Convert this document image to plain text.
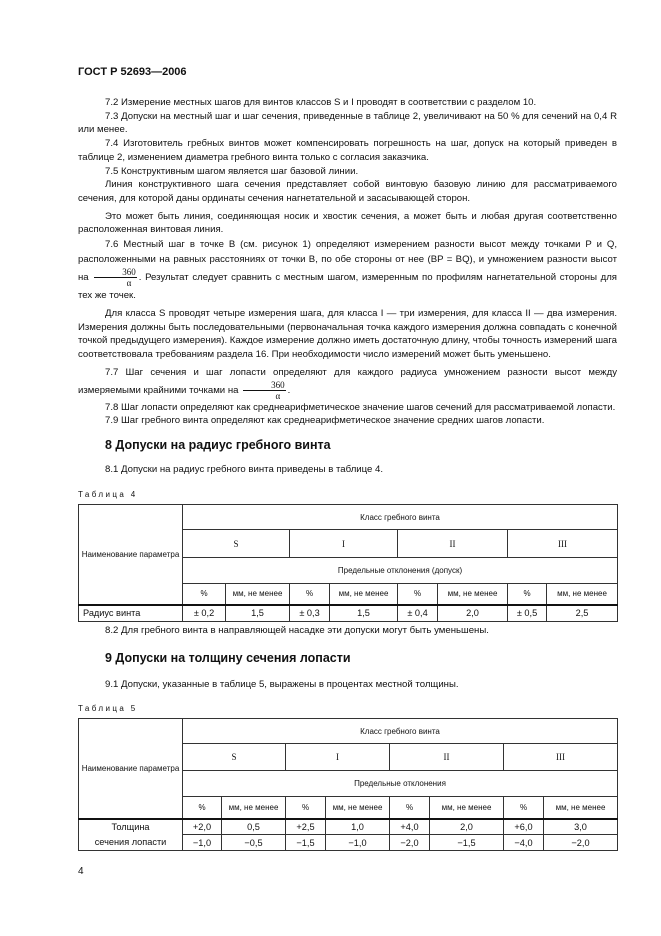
ГОСТ Р 52693—2006

7.2 Измерение местных шагов для винтов классов S и I проводят в соответствии с разделом 10.

7.3 Допуски на местный шаг и шаг сечения, приведенные в таблице 2, увеличивают на 50 % для сечений на 0,4 R или менее.

7.4 Изготовитель гребных винтов может компенсировать погрешность на шаг, допуск на который приведен в таблице 2, изменением диаметра гребного винта только с согласия заказчика.

7.5 Конструктивным шагом является шаг базовой линии.

Линия конструктивного шага сечения представляет собой винтовую базовую линию для рассматриваемого сечения, для которой даны ординаты сечения нагнетательной и засасывающей сторон.

Это может быть линия, соединяющая носик и хвостик сечения, а может быть и любая другая соответственно расположенная винтовая линия.

7.6 Местный шаг в точке B (см. рисунок 1) определяют измерением разности высот между точками P и Q, расположенными на равных расстояниях от точки B, по обе стороны от нее (BP = BQ), и умножением разности высот на $\frac{360}{\alpha}$ . Результат следует сравнить с местным шагом, измеренным по профилям нагнетательной стороны для тех же точек.

Для класса S проводят четыре измерения шага, для класса I — три измерения, для класса II — два измерения. Измерения должны быть последовательными (первоначальная точка каждого измерения должна совпадать с конечной точкой предыдущего измерения). Каждое измерение должно иметь достаточную длину, чтобы точность измерений шага соответствовала требованиям раздела 16. При необходимости число измерений может быть уменьшено.

7.7 Шаг сечения и шаг лопасти определяют для каждого радиуса умножением разности высот между измеряемыми крайними точками на $\frac{360}{\alpha}$ .

7.8 Шаг лопасти определяют как среднеарифметическое значение шагов сечений для рассматриваемой лопасти.

7.9 Шаг гребного винта определяют как среднеарифметическое значение средних шагов лопасти.

8 Допуски на радиус гребного винта

8.1 Допуски на радиус гребного винта приведены в таблице 4.

Таблица 4
Наименование параметра	Класс гребного винта							
	S		I		II		III	
	Предельные отклонения (допуск)							
	%	мм, не менее	%	мм, не менее	%	мм, не менее	%	мм, не менее
Радиус винта	± 0,2	1,5	± 0,3	1,5	± 0,4	2,0	± 0,5	2,5

8.2 Для гребного винта в направляющей насадке эти допуски могут быть уменьшены.

9 Допуски на толщину сечения лопасти

9.1 Допуски, указанные в таблице 5, выражены в процентах местной толщины.

Таблица 5
Наименование параметра	Класс гребного винта							
	S		I		II		III	
	Предельные отклонения							
	%	мм, не менее	%	мм, не менее	%	мм, не менее	%	мм, не менее
Толщина	+2,0	0,5	+2,5	1,0	+4,0	2,0	+6,0	3,0
сечения лопасти	−1,0	−0,5	−1,5	−1,0	−2,0	−1,5	−4,0	−2,0
4
